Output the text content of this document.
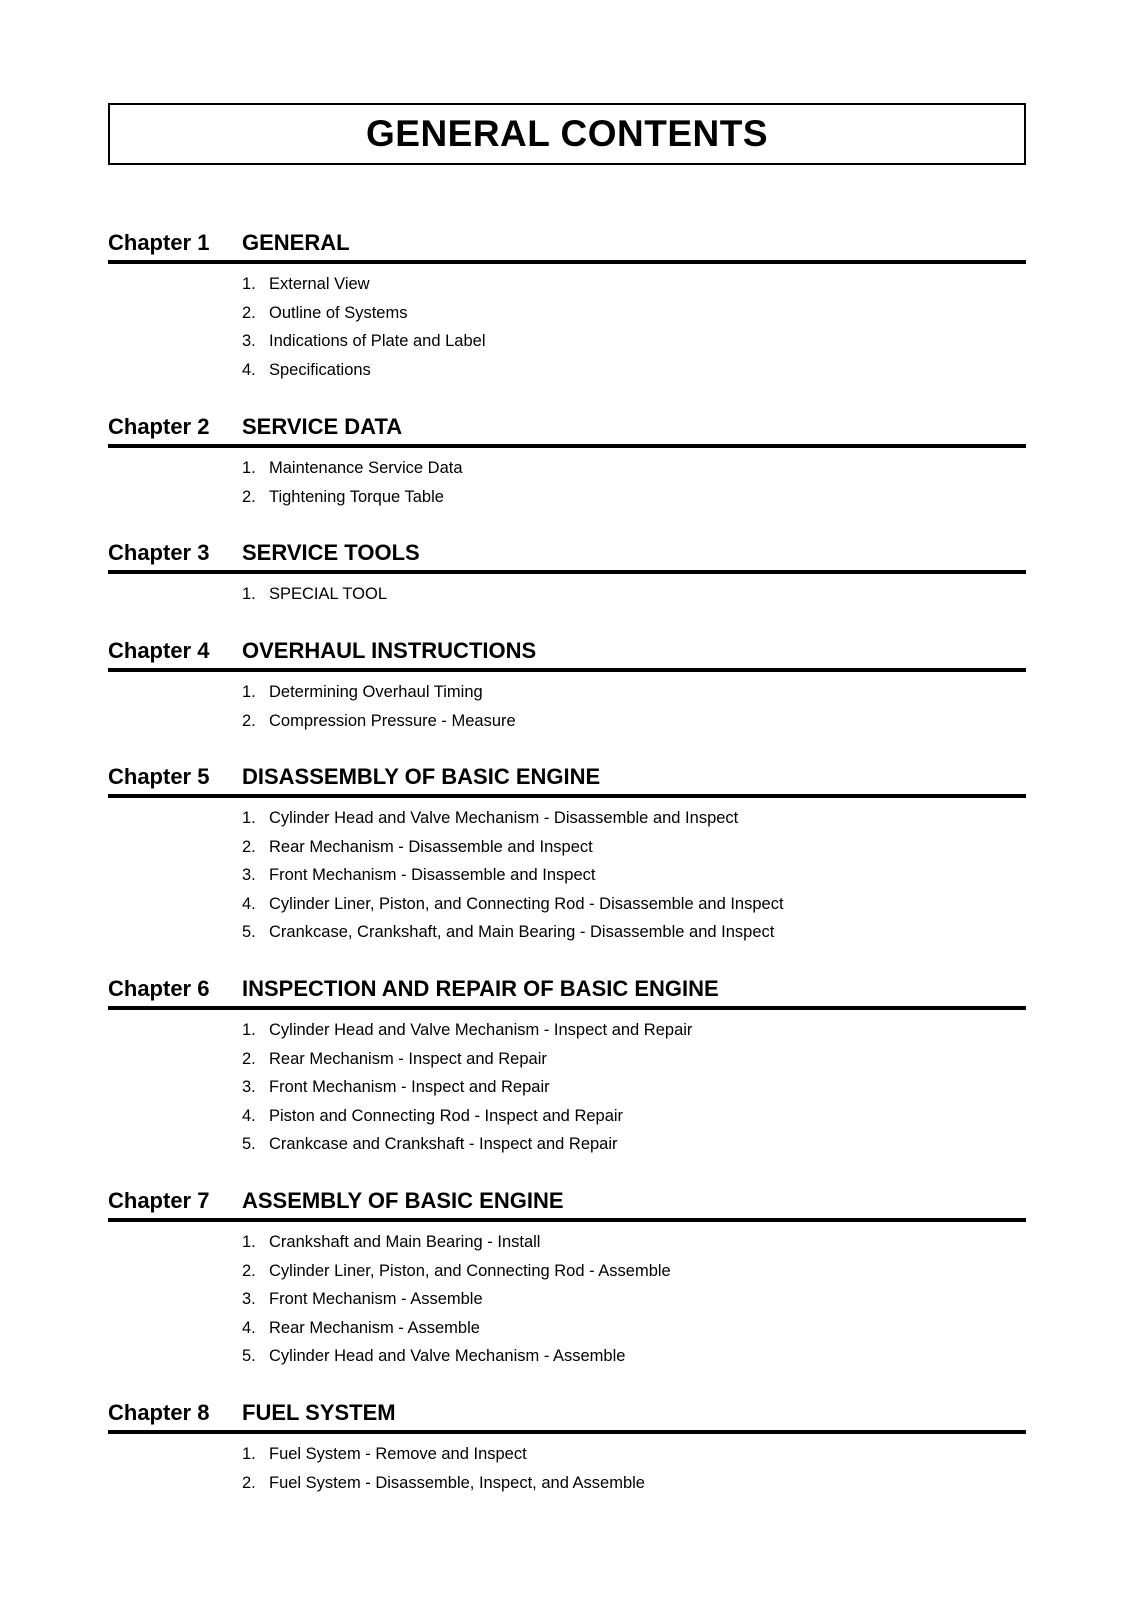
GENERAL CONTENTS
Chapter 1 GENERAL
1. External View
2. Outline of Systems
3. Indications of Plate and Label
4. Specifications
Chapter 2 SERVICE DATA
1. Maintenance Service Data
2. Tightening Torque Table
Chapter 3 SERVICE TOOLS
1. SPECIAL TOOL
Chapter 4 OVERHAUL INSTRUCTIONS
1. Determining Overhaul Timing
2. Compression Pressure - Measure
Chapter 5 DISASSEMBLY OF BASIC ENGINE
1. Cylinder Head and Valve Mechanism - Disassemble and Inspect
2. Rear Mechanism - Disassemble and Inspect
3. Front Mechanism - Disassemble and Inspect
4. Cylinder Liner, Piston, and Connecting Rod - Disassemble and Inspect
5. Crankcase, Crankshaft, and Main Bearing - Disassemble and Inspect
Chapter 6 INSPECTION AND REPAIR OF BASIC ENGINE
1. Cylinder Head and Valve Mechanism - Inspect and Repair
2. Rear Mechanism - Inspect and Repair
3. Front Mechanism - Inspect and Repair
4. Piston and Connecting Rod - Inspect and Repair
5. Crankcase and Crankshaft - Inspect and Repair
Chapter 7 ASSEMBLY OF BASIC ENGINE
1. Crankshaft and Main Bearing - Install
2. Cylinder Liner, Piston, and Connecting Rod - Assemble
3. Front Mechanism - Assemble
4. Rear Mechanism - Assemble
5. Cylinder Head and Valve Mechanism - Assemble
Chapter 8 FUEL SYSTEM
1. Fuel System - Remove and Inspect
2. Fuel System - Disassemble, Inspect, and Assemble
